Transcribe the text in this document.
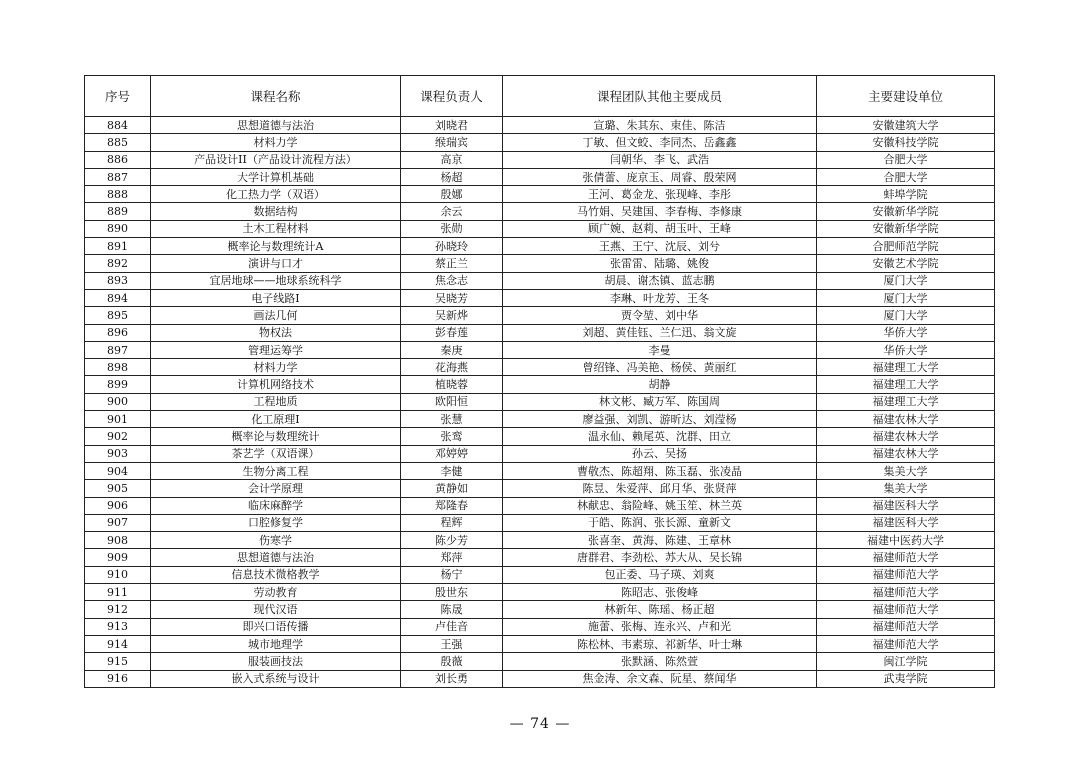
序号	课程名称	课程负责人	课程团队其他主要成员	主要建设单位
884	思想道德与法治	刘晓君	宣璐、朱其东、束佳、陈洁	安徽建筑大学
885	材料力学	缑瑞宾	丁敏、但文蛟、李同杰、岳鑫鑫	安徽科技学院
886	产品设计II（产品设计流程方法）	高京	闫朝华、李飞、武浩	合肥大学
887	大学计算机基础	杨超	张倩蕾、庞京玉、周睿、殷荣网	合肥大学
888	化工热力学（双语）	殷娜	王河、葛金龙、张现峰、李彤	蚌埠学院
889	数据结构	余云	马竹娟、吴建国、李春梅、李修康	安徽新华学院
890	土木工程材料	张勋	顾广婉、赵莉、胡玉叶、王峰	安徽新华学院
891	概率论与数理统计A	孙晓玲	王燕、王宁、沈辰、刘兮	合肥师范学院
892	演讲与口才	蔡正兰	张雷雷、陆璐、姚俊	安徽艺术学院
893	宜居地球——地球系统科学	焦念志	胡晨、谢杰镇、蓝志鹏	厦门大学
894	电子线路I	吴晓芳	李琳、叶龙芳、王冬	厦门大学
895	画法几何	吴新烨	贾令堃、刘中华	厦门大学
896	物权法	彭春莲	刘超、黄佳钰、兰仁迅、翁文旋	华侨大学
897	管理运筹学	秦庚	李曼	华侨大学
898	材料力学	花海燕	曾绍锋、冯美艳、杨侯、黄丽红	福建理工大学
899	计算机网络技术	植晓蓉	胡静	福建理工大学
900	工程地质	欧阳恒	林文彬、臧万军、陈国周	福建理工大学
901	化工原理I	张慧	廖益强、刘凯、游昕达、刘滢杨	福建农林大学
902	概率论与数理统计	张鸾	温永仙、赖尾英、沈群、田立	福建农林大学
903	茶艺学（双语课）	邓婷婷	孙云、吴扬	福建农林大学
904	生物分离工程	李健	曹敬杰、陈超翔、陈玉磊、张凌晶	集美大学
905	会计学原理	黄静如	陈昱、朱爱萍、邱月华、张贤萍	集美大学
906	临床麻醉学	郑隆春	林献忠、翁险峰、姚玉笙、林兰英	福建医科大学
907	口腔修复学	程辉	于皓、陈润、张长源、童新文	福建医科大学
908	伤寒学	陈少芳	张喜奎、黄海、陈建、王章林	福建中医药大学
909	思想道德与法治	郑萍	唐群君、李劲松、苏大从、吴长锦	福建师范大学
910	信息技术微格教学	杨宁	包正委、马子瑛、刘爽	福建师范大学
911	劳动教育	殷世东	陈昭志、张俊峰	福建师范大学
912	现代汉语	陈晟	林新年、陈瑶、杨正超	福建师范大学
913	即兴口语传播	卢佳音	施蕾、张梅、连永兴、卢和光	福建师范大学
914	城市地理学	王强	陈松林、韦素琼、祁新华、叶士琳	福建师范大学
915	服装画技法	殷薇	张默涵、陈然萱	闽江学院
916	嵌入式系统与设计	刘长勇	焦金涛、余文森、阮星、蔡闻华	武夷学院
— 74 —
